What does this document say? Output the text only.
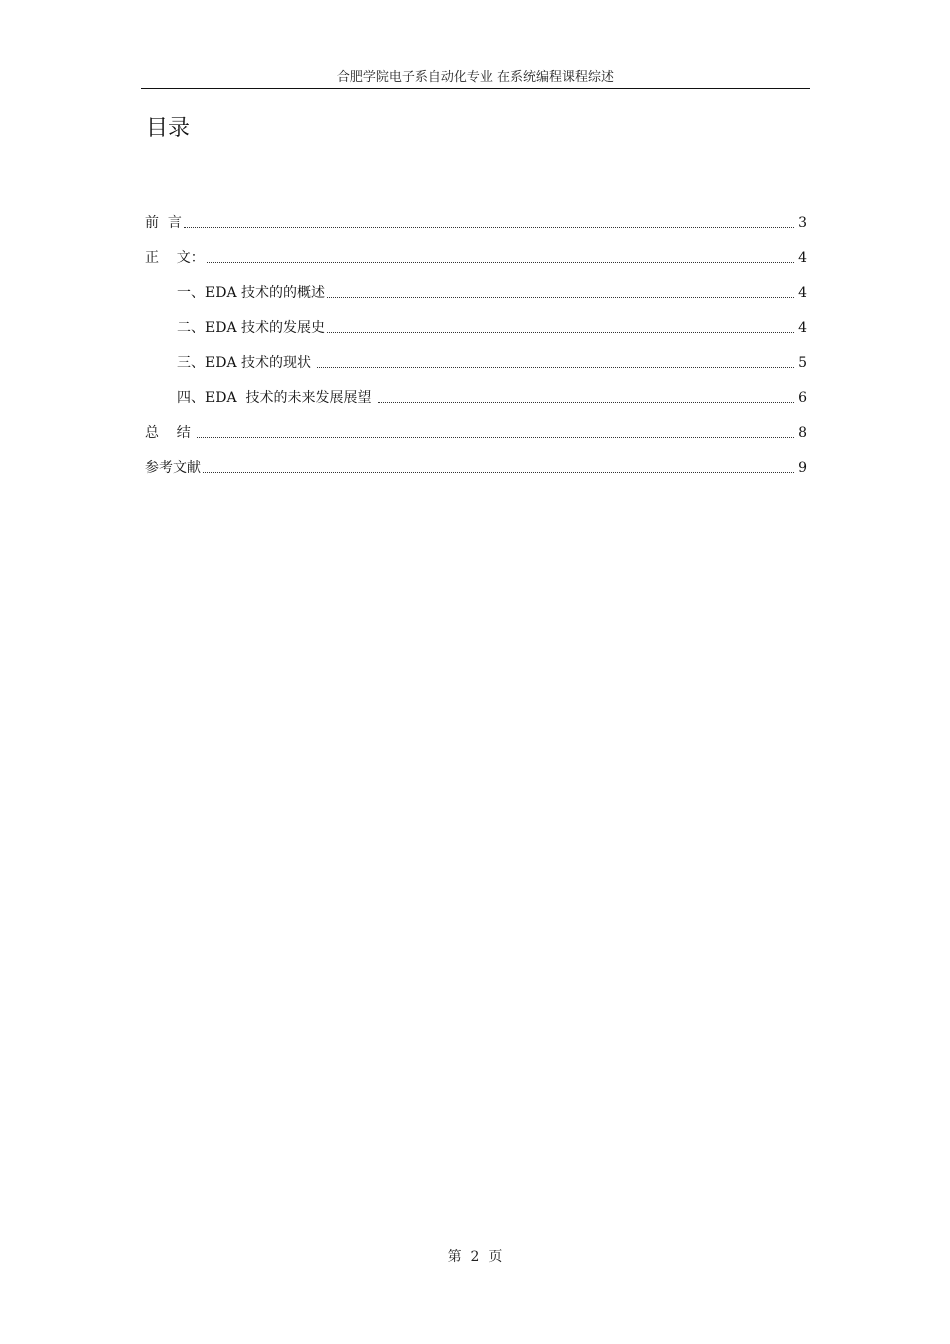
合肥学院电子系自动化专业 在系统编程课程综述
目录
前  言	3
正    文：	4
一、EDA 技术的的概述	4
二、EDA 技术的发展史	4
三、EDA 技术的现状	5
四、EDA  技术的未来发展展望	6
总    结	8
参考文献	9
第  2  页
